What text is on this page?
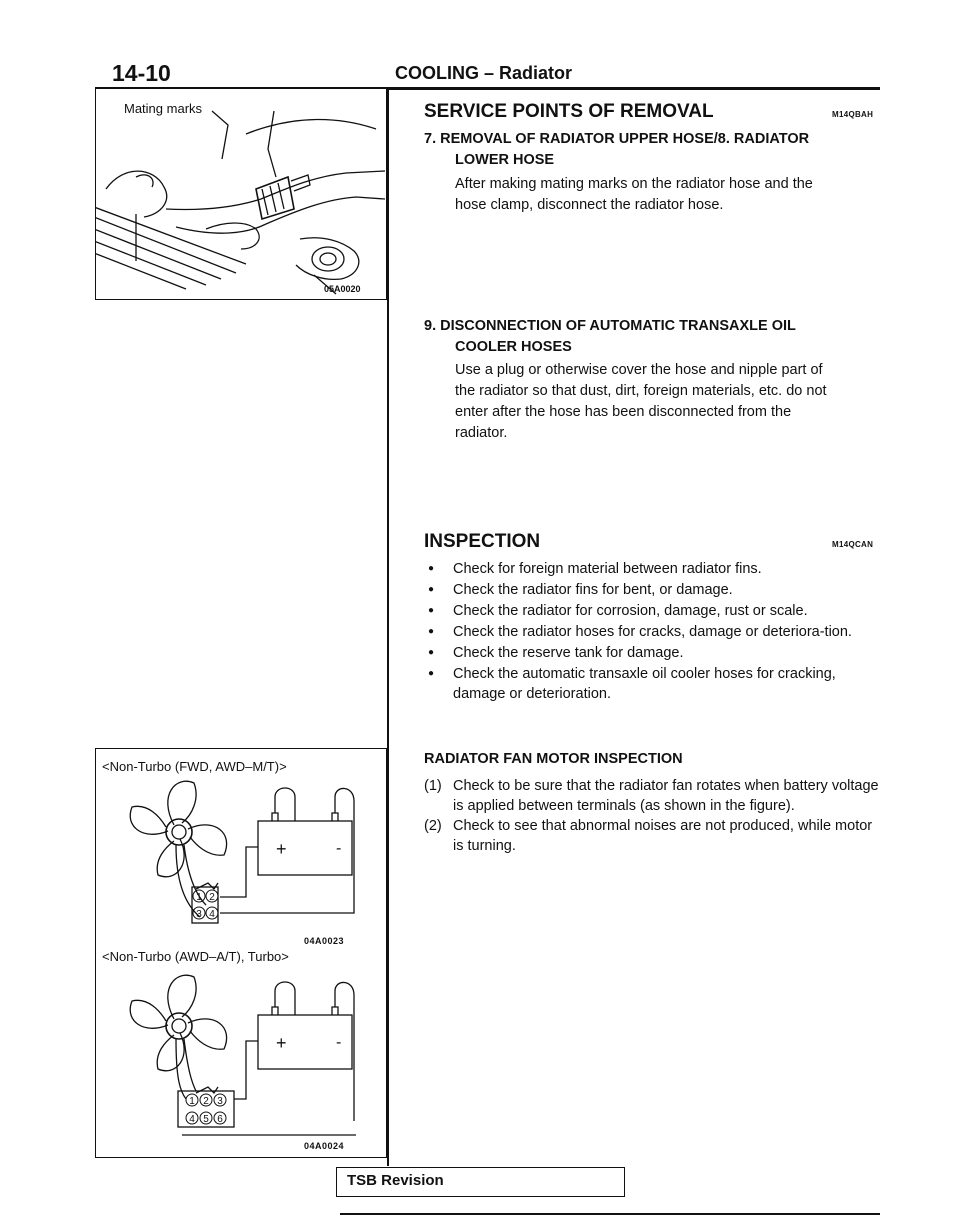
14-10	COOLING – Radiator
Mating marks
05A0020
SERVICE POINTS OF REMOVAL	M14QBAH
7. REMOVAL OF RADIATOR UPPER HOSE/8. RADIATOR
LOWER HOSE
After making mating marks on the radiator hose and the
hose clamp, disconnect the radiator hose.
9. DISCONNECTION OF AUTOMATIC TRANSAXLE OIL
COOLER HOSES
Use a plug or otherwise cover the hose and nipple part of
the radiator so that dust, dirt, foreign materials, etc. do not
enter after the hose has been disconnected from the
radiator.
INSPECTION	M14QCAN
● Check for foreign material between radiator fins.
● Check the radiator fins for bent, or damage.
● Check the radiator for corrosion, damage, rust or scale.
● Check the radiator hoses for cracks, damage or deteriora-tion.
● Check the reserve tank for damage.
● Check the automatic transaxle oil cooler hoses for cracking, damage or deterioration.
<Non-Turbo (FWD, AWD–M/T)>
+	-
1 2
3 4
04A0023
<Non-Turbo (AWD–A/T), Turbo>
+	-
1 2 3
4 5 6
04A0024
RADIATOR FAN MOTOR INSPECTION
(1) Check to be sure that the radiator fan rotates when battery voltage is applied between terminals (as shown in the figure).
(2) Check to see that abnormal noises are not produced, while motor is turning.
TSB Revision
